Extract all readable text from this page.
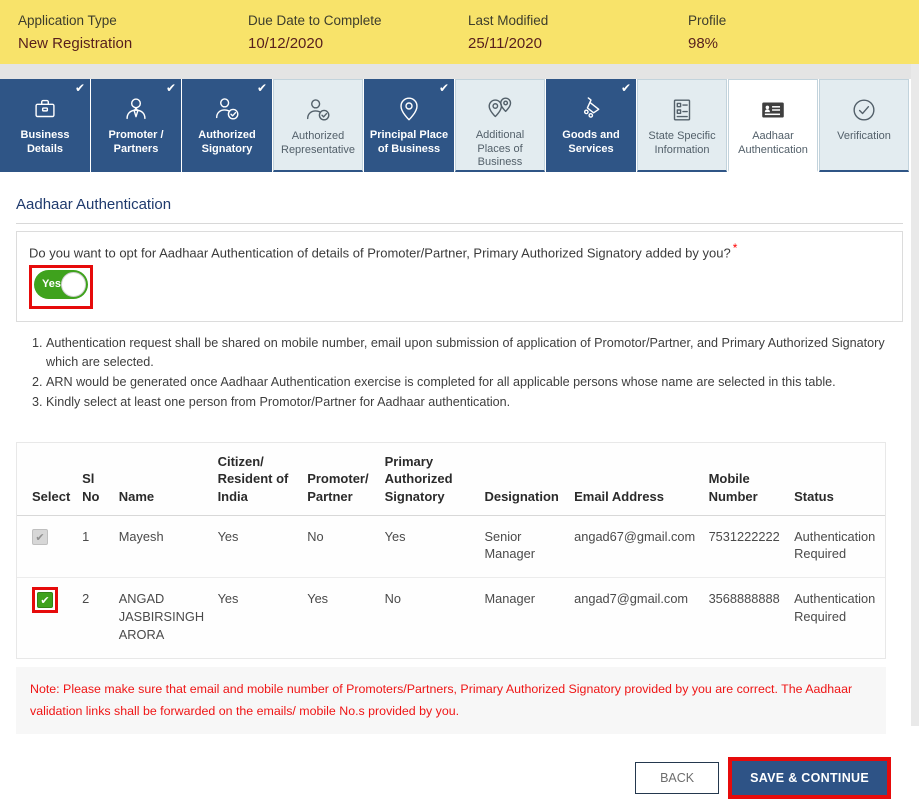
Application Type
New Registration
Due Date to Complete
10/12/2020
Last Modified
25/11/2020
Profile
98%
✔
Business Details
✔
Promoter / Partners
✔
Authorized Signatory
Authorized Representative
✔
Principal Place of Business
Additional Places of Business
✔
Goods and Services
State Specific Information
Aadhaar Authentication
Verification
Aadhaar Authentication
Do you want to opt for Aadhaar Authentication of details of Promoter/Partner, Primary Authorized Signatory added by you? *
Yes
1. Authentication request shall be shared on mobile number, email upon submission of application of Promotor/Partner, and Primary Authorized Signatory which are selected.
2. ARN would be generated once Aadhaar Authentication exercise is completed for all applicable persons whose name are selected in this table.
3. Kindly select at least one person from Promotor/Partner for Aadhaar authentication.
Select	Sl No	Name	Citizen/ Resident of India	Promoter/ Partner	Primary Authorized Signatory	Designation	Email Address	Mobile Number	Status
✔	1	Mayesh	Yes	No	Yes	Senior Manager	angad67@gmail.com	7531222222	Authentication Required
✔	2	ANGAD JASBIRSINGH ARORA	Yes	Yes	No	Manager	angad7@gmail.com	3568888888	Authentication Required
Note: Please make sure that email and mobile number of Promoters/Partners, Primary Authorized Signatory provided by you are correct. The Aadhaar validation links shall be forwarded on the emails/ mobile No.s provided by you.
BACK	SAVE & CONTINUE
